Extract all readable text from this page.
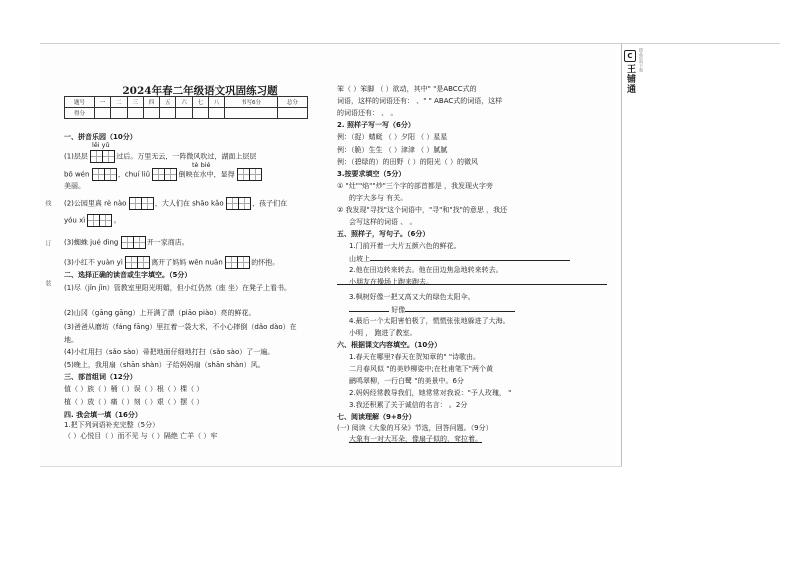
C
王铺通
精品资料下载
线
订
装
2024年春二年级语文巩固练习题
题号	一	二	三	四	五	六	七	八	书写6分	总分
得分										
一、拼音乐园（10分）
lěi yǔ
tè bié
(1)层层	过后。万里无云，一阵微风吹过，湖面上层层
bō wén	，chuí liǔ	倒映在水中，显得
美丽。
(2)公园里真 rè nào	，大人们在 shāo kǎo	，孩子们在
yóu xì	。
(3)蜘蛛 jué dìng	开一家商店。
(3)小红不 yuàn yì	离开了妈妈 wēn nuǎn	的怀抱。
二、选择正确的读音或生字填空。（5分）
(1)尽（jǐn jǐn）管教室里阳光明媚，但小红仍然（座 坐）在凳子上看书。
(2)山冈（gāng gāng）上开满了漂（piāo piào）亮的鲜花。
(3)爸爸从磨坊（fáng fāng）里扛着一袋大米，不小心摔倒（dǎo dào）在地。
(4)小红用扫（sǎo sào）帚把地面仔细地打扫（sǎo sào）了一遍。
(5)晚上，我用扇（shān shàn）子给妈妈扇（shān shàn）风。
三、部首组词（12分）
值（ ）族（ ）桶（ ）误（ ）根（ ）棵（ ）
植（ ）放（ ）痛（ ）刻（ ）艰（ ）摆（ ）
四. 我会填一填（16分）
1.把下列词语补充完整（5分）
（ ）心悦目（ ）而不见 与（ ）隔绝 亡羊（ ）牢
笨（ ）笨脚 （ ）欲动，其中" "是ABCC式的
词语，这样的词语还有： 、" " ABAC式的词语，这样
的词语还有： 、 。
2. 照样子写一写（6分）
例：（捉）蜻蜓 （ ）夕阳 （ ）星星
例：（脆）生生 （ ）津津 （ ）腻腻
例：（碧绿的）的田野（ ）的阳光（ ）的微风
3.按要求填空（5分）
① "灶""焰""炒"三个字的部首都是 ，我发现火字旁
的字大多与 有关。
② 我发现"寻找"这个词语中，"寻"和"找"的意思 ，我还
会写这样的词语 、 。
五、照样子，写句子。（6分）
1.门前开着一大片五颜六色的鲜花。
山坡上
2.他在田边转来转去。他在田边焦急地转来转去。
小朋友在操场上跑来跑去。
3.枫树好像一把又高又大的绿色太阳伞。
好像
4.最后一个太阳害怕极了，慌慌张张地躲进了大海。
小明 ， 跑进了教室。
六、根据课文内容填空。（10分）
1.春天在哪里?春天在贺知章的" "诗歌由。
二月春风似 "的美妙柳姿中;在杜甫笔下"两个黄
鹂鸣翠柳，一行白鹭 "的美景中。6分
2.妈妈经常教导我们，她常常对我说："予人玫瑰， "
3.我还积累了关于诚信的名言： 。2分
七、阅读理解（9+8分）
(一) 阅读《大象的耳朵》节选，回答问题。（9分）
大象有一对大耳朵，像扇子似的，耷拉着。
